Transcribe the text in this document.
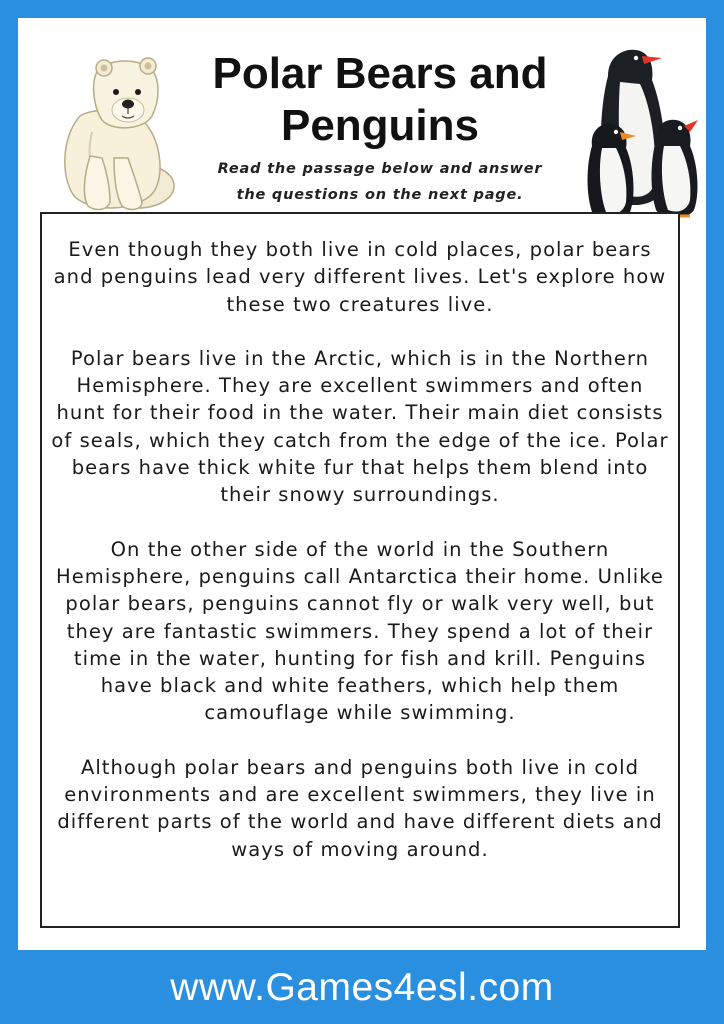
Polar Bears and
Penguins
Read the passage below and answer
the questions on the next page.

Even though they both live in cold places, polar bears and penguins lead very different lives. Let's explore how these two creatures live.

Polar bears live in the Arctic, which is in the Northern Hemisphere. They are excellent swimmers and often hunt for their food in the water. Their main diet consists of seals, which they catch from the edge of the ice. Polar bears have thick white fur that helps them blend into their snowy surroundings.

On the other side of the world in the Southern Hemisphere, penguins call Antarctica their home. Unlike polar bears, penguins cannot fly or walk very well, but they are fantastic swimmers. They spend a lot of their time in the water, hunting for fish and krill. Penguins have black and white feathers, which help them camouflage while swimming.

Although polar bears and penguins both live in cold environments and are excellent swimmers, they live in different parts of the world and have different diets and ways of moving around.

www.Games4esl.com
